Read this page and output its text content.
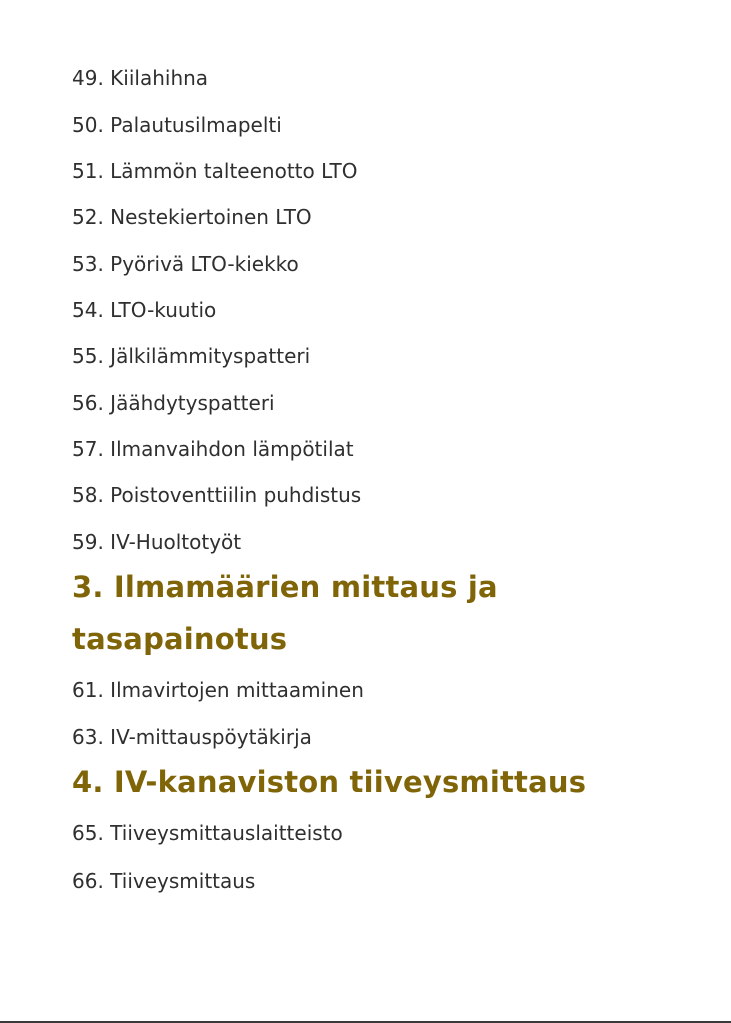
49. Kiilahihna
50. Palautusilmapelti
51. Lämmön talteenotto LTO
52. Nestekiertoinen LTO
53. Pyörivä LTO-kiekko
54. LTO-kuutio
55. Jälkilämmityspatteri
56. Jäähdytyspatteri
57. Ilmanvaihdon lämpötilat
58. Poistoventtiilin puhdistus
59. IV-Huoltotyöt
3. Ilmamäärien mittaus ja
tasapainotus
61. Ilmavirtojen mittaaminen
63. IV-mittauspöytäkirja
4. IV-kanaviston tiiveysmittaus
65. Tiiveysmittauslaitteisto
66. Tiiveysmittaus
